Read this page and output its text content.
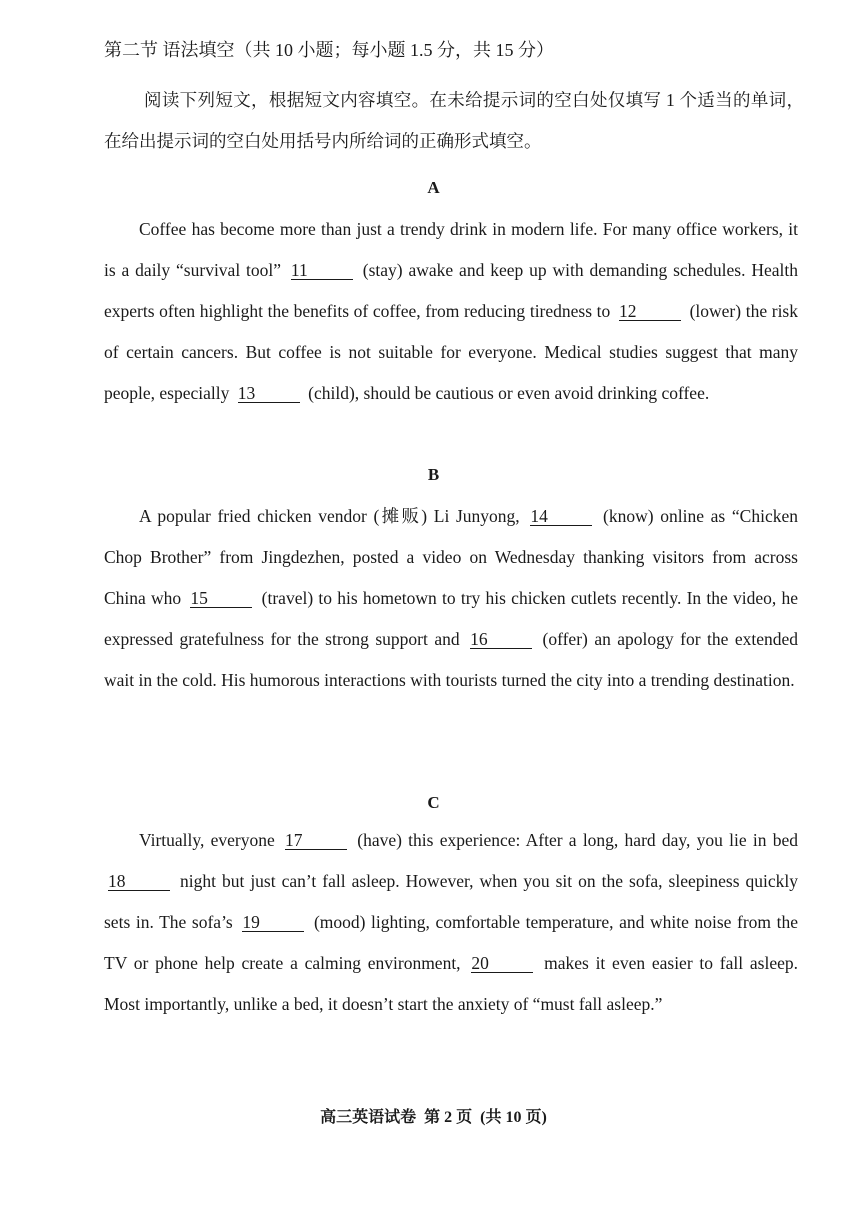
第二节 语法填空（共 10 小题；每小题 1.5 分，共 15 分）
阅读下列短文，根据短文内容填空。在未给提示词的空白处仅填写 1 个适当的单词，在给出提示词的空白处用括号内所给词的正确形式填空。
A
Coffee has become more than just a trendy drink in modern life. For many office workers, it is a daily “survival tool” 11	(stay) awake and keep up with demanding schedules. Health experts often highlight the benefits of coffee, from reducing tiredness to 12	(lower) the risk of certain cancers. But coffee is not suitable for everyone. Medical studies suggest that many people, especially 13	(child), should be cautious or even avoid drinking coffee.
B
A popular fried chicken vendor (摊贩) Li Junyong, 14	(know) online as “Chicken Chop Brother” from Jingdezhen, posted a video on Wednesday thanking visitors from across China who 15	(travel) to his hometown to try his chicken cutlets recently. In the video, he expressed gratefulness for the strong support and 16	(offer) an apology for the extended wait in the cold. His humorous interactions with tourists turned the city into a trending destination.
C
Virtually, everyone 17	(have) this experience: After a long, hard day, you lie in bed 18	night but just can’t fall asleep. However, when you sit on the sofa, sleepiness quickly sets in. The sofa’s 19	(mood) lighting, comfortable temperature, and white noise from the TV or phone help create a calming environment, 20	makes it even easier to fall asleep. Most importantly, unlike a bed, it doesn’t start the anxiety of “must fall asleep.”
高三英语试卷  第 2 页  (共 10 页)
